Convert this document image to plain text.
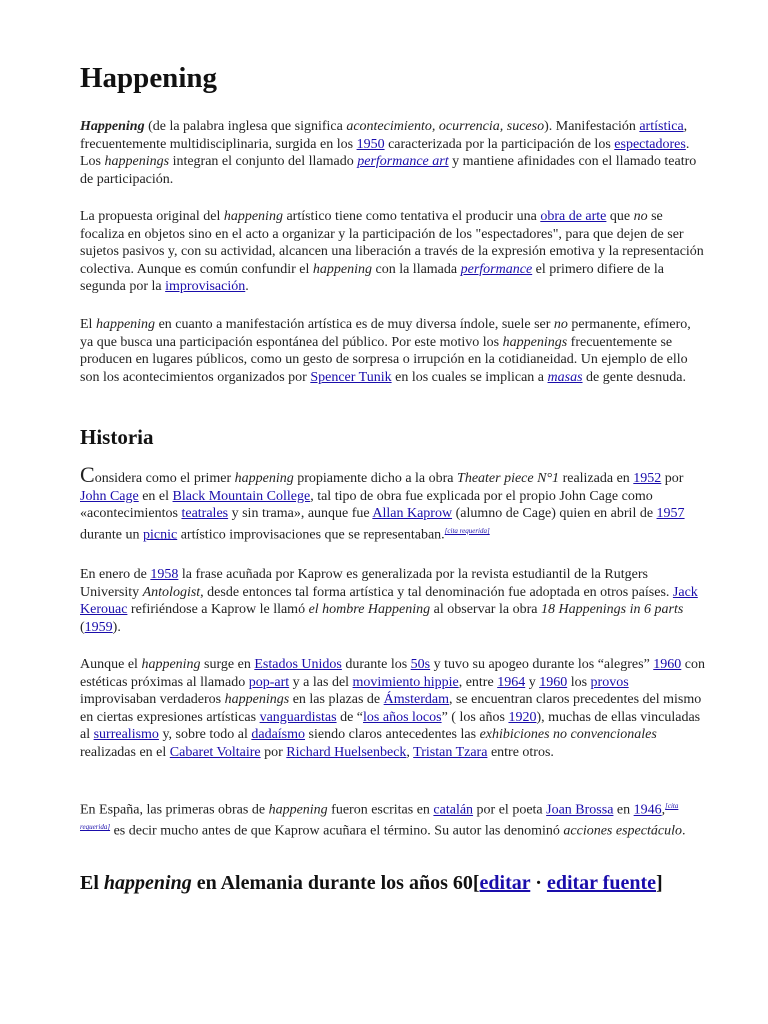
Happening

Happening (de la palabra inglesa que significa acontecimiento, ocurrencia, suceso). Manifestación artística, frecuentemente multidisciplinaria, surgida en los 1950 caracterizada por la participación de los espectadores. Los happenings integran el conjunto del llamado performance art y mantiene afinidades con el llamado teatro de participación.

La propuesta original del happening artístico tiene como tentativa el producir una obra de arte que no se focaliza en objetos sino en el acto a organizar y la participación de los "espectadores", para que dejen de ser sujetos pasivos y, con su actividad, alcancen una liberación a través de la expresión emotiva y la representación colectiva. Aunque es común confundir el happening con la llamada performance el primero difiere de la segunda por la improvisación.

El happening en cuanto a manifestación artística es de muy diversa índole, suele ser no permanente, efímero, ya que busca una participación espontánea del público. Por este motivo los happenings frecuentemente se producen en lugares públicos, como un gesto de sorpresa o irrupción en la cotidianeidad. Un ejemplo de ello son los acontecimientos organizados por Spencer Tunik en los cuales se implican a masas de gente desnuda.

Historia

Considera como el primer happening propiamente dicho a la obra Theater piece N°1 realizada en 1952 por John Cage en el Black Mountain College, tal tipo de obra fue explicada por el propio John Cage como «acontecimientos teatrales y sin trama», aunque fue Allan Kaprow (alumno de Cage) quien en abril de 1957 durante un picnic artístico improvisaciones que se representaban.[cita requerida]

En enero de 1958 la frase acuñada por Kaprow es generalizada por la revista estudiantil de la Rutgers University Antologist, desde entonces tal forma artística y tal denominación fue adoptada en otros países. Jack Kerouac refiriéndose a Kaprow le llamó el hombre Happening al observar la obra 18 Happenings in 6 parts (1959).

Aunque el happening surge en Estados Unidos durante los 50s y tuvo su apogeo durante los “alegres” 1960 con estéticas próximas al llamado pop-art y a las del movimiento hippie, entre 1964 y 1960 los provos improvisaban verdaderos happenings en las plazas de Ámsterdam, se encuentran claros precedentes del mismo en ciertas expresiones artísticas vanguardistas de “los años locos” ( los años 1920), muchas de ellas vinculadas al surrealismo y, sobre todo al dadaísmo siendo claros antecedentes las exhibiciones no convencionales realizadas en el Cabaret Voltaire por Richard Huelsenbeck, Tristan Tzara entre otros.

En España, las primeras obras de happening fueron escritas en catalán por el poeta Joan Brossa en 1946,[cita requerida] es decir mucho antes de que Kaprow acuñara el término. Su autor las denominó acciones espectáculo.

El happening en Alemania durante los años 60[editar · editar fuente]
